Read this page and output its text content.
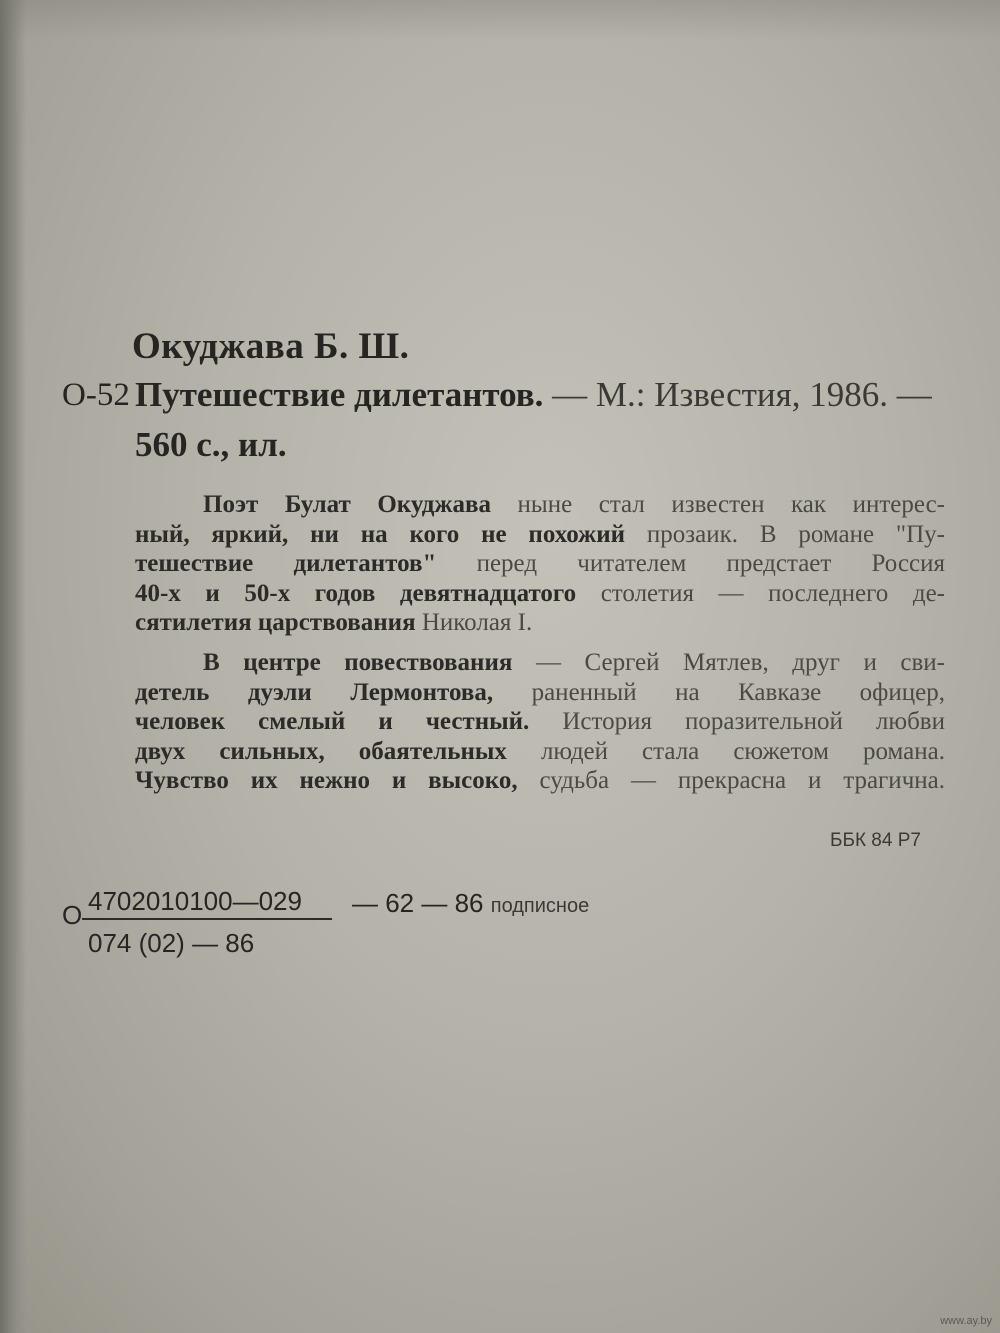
Окуджава Б. Ш.
О-52 Путешествие дилетантов. — М.: Известия, 1986. —
560 с., ил.
Поэт Булат Окуджава ныне стал известен как интерес-
ный, яркий, ни на кого не похожий прозаик. В романе "Пу-
тешествие дилетантов" перед читателем предстает Россия
40-х и 50-х годов девятнадцатого столетия — последнего де-
сятилетия царствования Николая I.
В центре повествования — Сергей Мятлев, друг и сви-
детель дуэли Лермонтова, раненный на Кавказе офицер,
человек смелый и честный. История поразительной любви
двух сильных, обаятельных людей стала сюжетом романа.
Чувство их нежно и высоко, судьба — прекрасна и трагична.
ББК 84 Р7
О 4702010100—029
074 (02) — 86
— 62 — 86 подписное
www.ay.by
